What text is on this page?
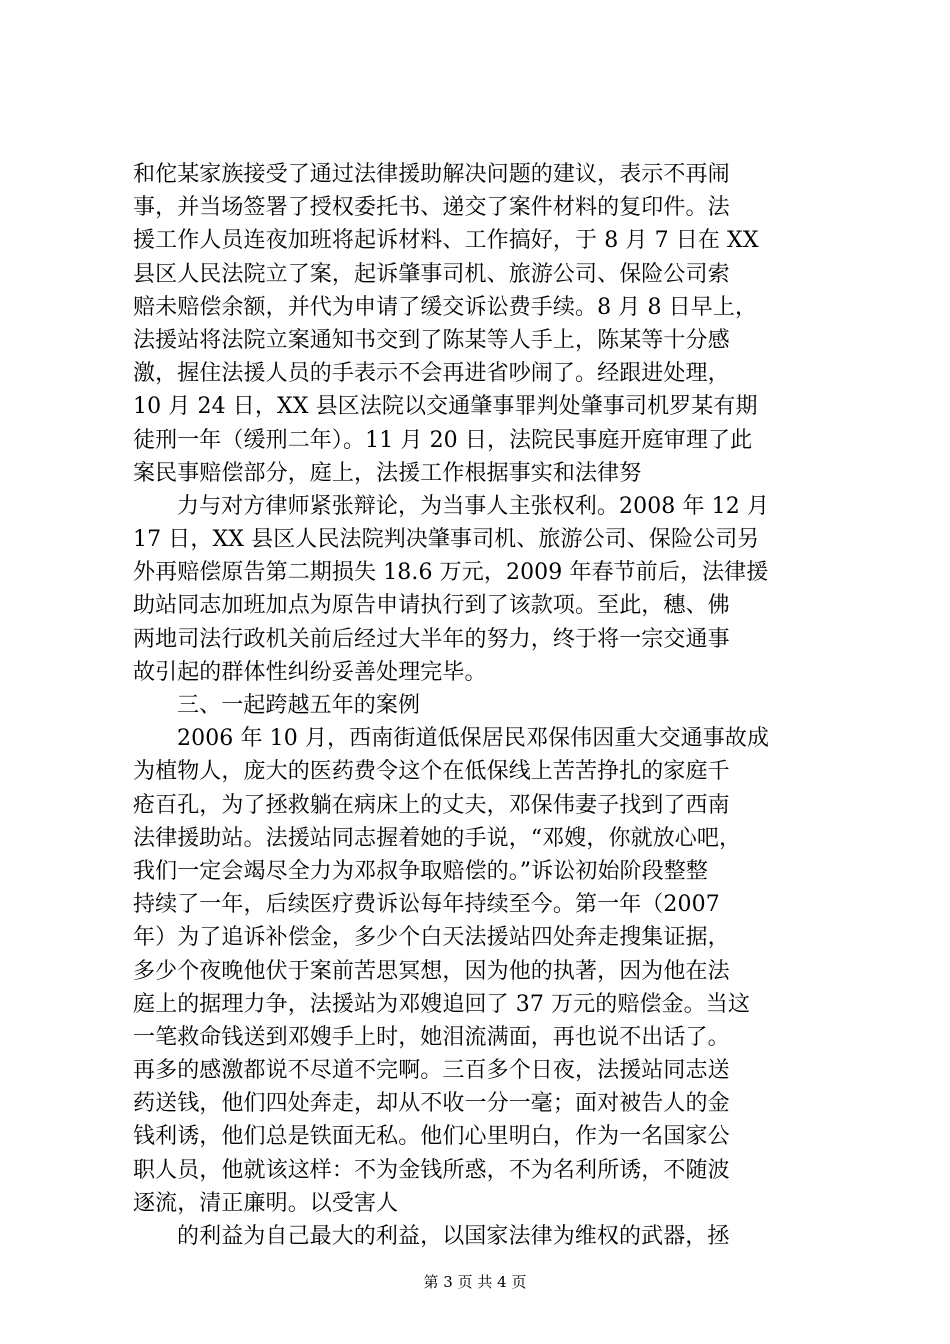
和佗某家族接受了通过法律援助解决问题的建议，表示不再闹
事，并当场签署了授权委托书、递交了案件材料的复印件。法
援工作人员连夜加班将起诉材料、工作搞好，于 8 月 7 日在 XX
县区人民法院立了案，起诉肇事司机、旅游公司、保险公司索
赔未赔偿余额，并代为申请了缓交诉讼费手续。8 月 8 日早上，
法援站将法院立案通知书交到了陈某等人手上，陈某等十分感
激，握住法援人员的手表示不会再进省吵闹了。经跟进处理，
10 月 24 日，XX 县区法院以交通肇事罪判处肇事司机罗某有期
徒刑一年（缓刑二年）。11 月 20 日，法院民事庭开庭审理了此
案民事赔偿部分，庭上，法援工作根据事实和法律努
力与对方律师紧张辩论，为当事人主张权利。2008 年 12 月
17 日，XX 县区人民法院判决肇事司机、旅游公司、保险公司另
外再赔偿原告第二期损失 18.6 万元，2009 年春节前后，法律援
助站同志加班加点为原告申请执行到了该款项。至此，穗、佛
两地司法行政机关前后经过大半年的努力，终于将一宗交通事
故引起的群体性纠纷妥善处理完毕。
三、一起跨越五年的案例
2006 年 10 月，西南街道低保居民邓保伟因重大交通事故成
为植物人，庞大的医药费令这个在低保线上苦苦挣扎的家庭千
疮百孔，为了拯救躺在病床上的丈夫，邓保伟妻子找到了西南
法律援助站。法援站同志握着她的手说，“邓嫂，你就放心吧，
我们一定会竭尽全力为邓叔争取赔偿的。”诉讼初始阶段整整
持续了一年，后续医疗费诉讼每年持续至今。第一年（2007
年）为了追诉补偿金，多少个白天法援站四处奔走搜集证据，
多少个夜晚他伏于案前苦思冥想，因为他的执著，因为他在法
庭上的据理力争，法援站为邓嫂追回了 37 万元的赔偿金。当这
一笔救命钱送到邓嫂手上时，她泪流满面，再也说不出话了。
再多的感激都说不尽道不完啊。三百多个日夜，法援站同志送
药送钱，他们四处奔走，却从不收一分一毫；面对被告人的金
钱利诱，他们总是铁面无私。他们心里明白，作为一名国家公
职人员，他就该这样：不为金钱所惑，不为名利所诱，不随波
逐流，清正廉明。以受害人
的利益为自己最大的利益，以国家法律为维权的武器，拯
第 3 页 共 4 页
